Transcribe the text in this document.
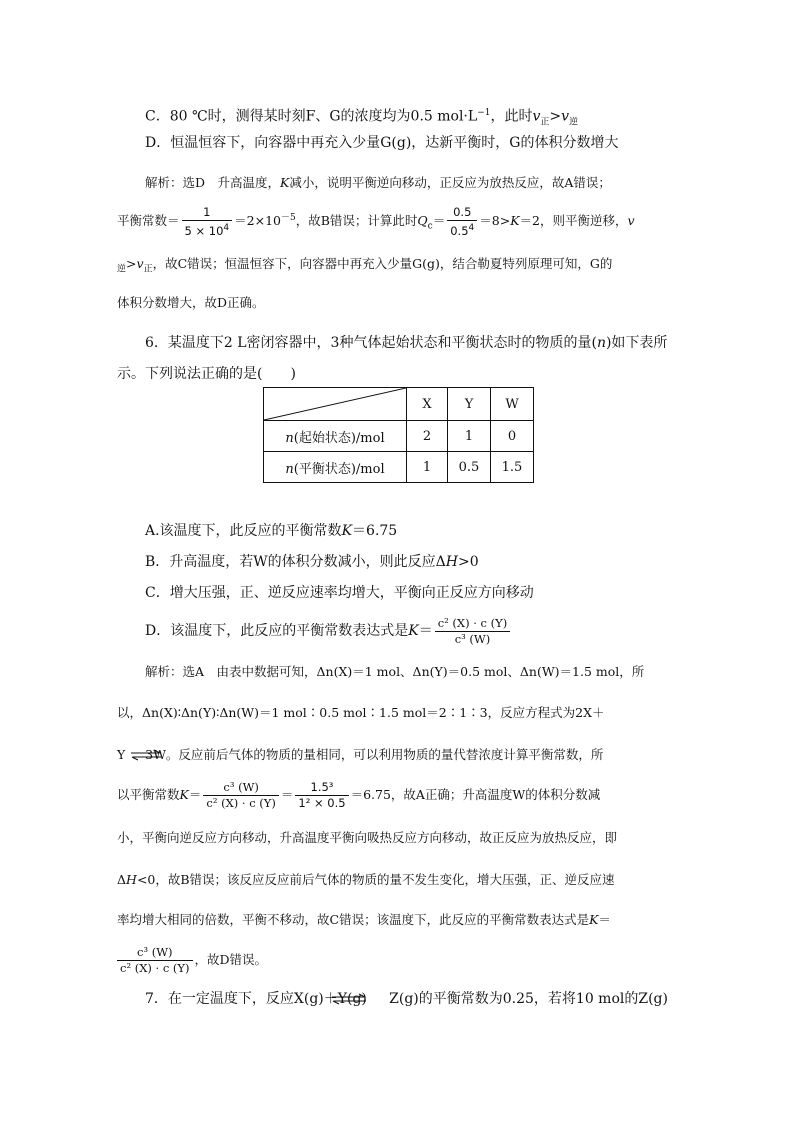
C．80 ℃时，测得某时刻F、G的浓度均为0.5 $mol\cdot L^{-1}$，此时$v_正>v_逆$
D．恒温恒容下，向容器中再充入少量G(g)，达新平衡时，G的体积分数增大
解析：选D　升高温度，K减小，说明平衡逆向移动，正反应为放热反应，故A错误；
平衡常数＝ $\frac{1}{5 \times 10^4} =2\times 10^{-5}$，故B错误；计算此时$Q_c= \frac{0.5}{0.5^4} =8>K=2$，则平衡逆移，v
$_逆>v_正$，故C错误；恒温恒容下，向容器中再充入少量G(g)，结合勒夏特列原理可知，G的
体积分数增大，故D正确。
6．某温度下2 L密闭容器中，3种气体起始状态和平衡状态时的物质的量(n)如下表所
示。下列说法正确的是(　　)
	X	Y	W
n(起始状态)/mol	2	1	0
n(平衡状态)/mol	1	0.5	1.5
A.该温度下，此反应的平衡常数K＝6.75
B．升高温度，若W的体积分数减小，则此反应ΔH>0
C．增大压强，正、逆反应速率均增大，平衡向正反应方向移动
D．该温度下，此反应的平衡常数表达式是$K= \frac{\text{c² (X) · c (Y)}}{\text{c³ (W)}}$
解析：选A　由表中数据可知，Δn(X)＝1 mol、Δn(Y)＝0.5 mol、Δn(W)＝1.5 mol，所
以，Δn(X)∶Δn(Y)∶Δn(W)＝1 mol∶0.5 mol∶1.5 mol＝2∶1∶3，反应方程式为2X＋
Y     3W。反应前后气体的物质的量相同，可以利用物质的量代替浓度计算平衡常数，所
以平衡常数$K= \frac{\text{c³ (W)}}{\text{c² (X) · c (Y)}} = \frac{\text{1.5³}}{\text{1² × 0.5}} =6.75$，故A正确；升高温度W的体积分数减
小，平衡向逆反应方向移动，升高温度平衡向吸热反应方向移动，故正反应为放热反应，即
ΔH<0，故B错误；该反应反应前后气体的物质的量不发生变化，增大压强，正、逆反应速
率均增大相同的倍数，平衡不移动，故C错误；该温度下，此反应的平衡常数表达式是K＝
$\frac{\text{c³ (W)}}{\text{c² (X) · c (Y)}}$ ，故D错误。
7．在一定温度下，反应X(g)＋Y(g)     Z(g)的平衡常数为0.25，若将10 mol的Z(g)
